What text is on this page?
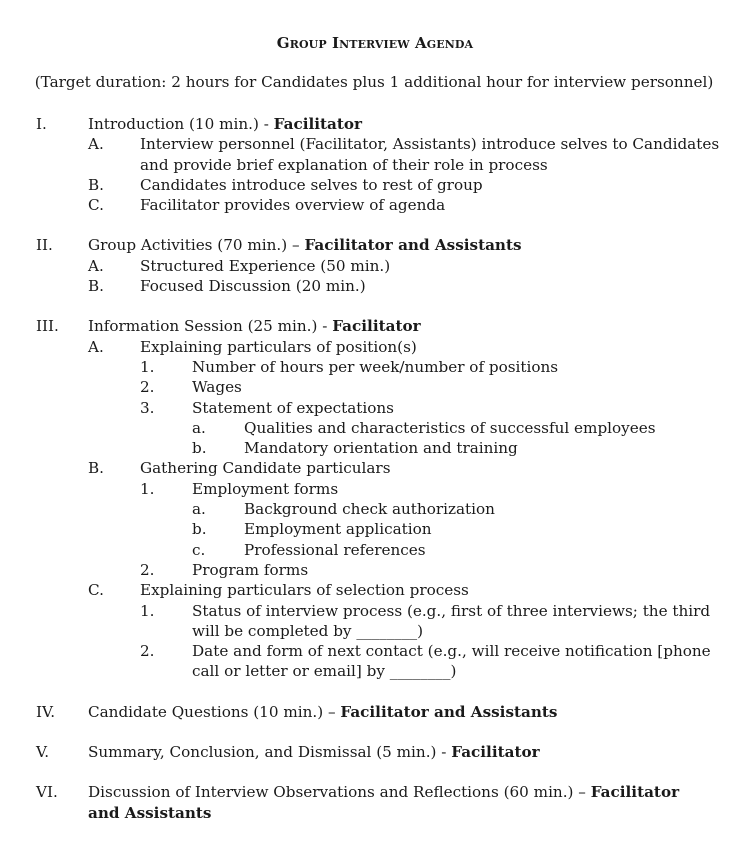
Group Interview Agenda
(Target duration: 2 hours for Candidates plus 1 additional hour for interview personnel)
I.	Introduction (10 min.) - Facilitator
A. Interview personnel (Facilitator, Assistants) introduce selves to Candidates and provide brief explanation of their role in process
B. Candidates introduce selves to rest of group
C. Facilitator provides overview of agenda
II. Group Activities (70 min.) – Facilitator and Assistants
A. Structured Experience (50 min.)
B. Focused Discussion (20 min.)
III. Information Session (25 min.) - Facilitator
A. Explaining particulars of position(s)
1. Number of hours per week/number of positions
2. Wages
3. Statement of expectations
a.	Qualities and characteristics of successful employees
b. Mandatory orientation and training
B. Gathering Candidate particulars
1. Employment forms
a.	Background check authorization
b. Employment application
c.	Professional references
2. Program forms
C. Explaining particulars of selection process
1. Status of interview process (e.g., first of three interviews; the third will be completed by ________)
2. Date and form of next contact (e.g., will receive notification [phone call or letter or email] by ________)
IV. Candidate Questions (10 min.) – Facilitator and Assistants
V.	Summary, Conclusion, and Dismissal (5 min.) - Facilitator
VI. Discussion of Interview Observations and Reflections (60 min.) – Facilitator and Assistants
